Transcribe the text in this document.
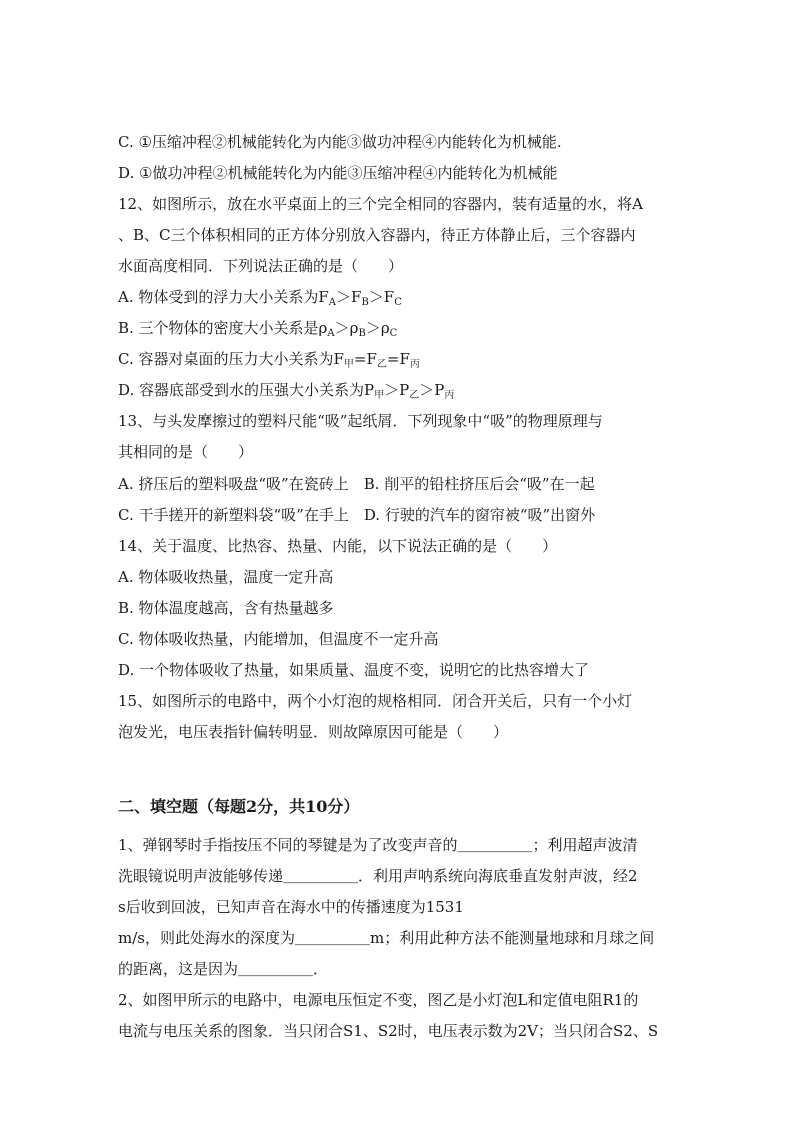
C. ①压缩冲程②机械能转化为内能③做功冲程④内能转化为机械能.
D. ①做功冲程②机械能转化为内能③压缩冲程④内能转化为机械能
12、如图所示，放在水平桌面上的三个完全相同的容器内，装有适量的水，将A
、B、C三个体积相同的正方体分别放入容器内，待正方体静止后，三个容器内
水面高度相同．下列说法正确的是（　　）
A. 物体受到的浮力大小关系为$F_A>F_B>F_C$
B. 三个物体的密度大小关系是$\rho_A>\rho_B>\rho_C$
C. 容器对桌面的压力大小关系为$F_甲=F_乙=F_丙$
D. 容器底部受到水的压强大小关系为$P_甲>P_乙>P_丙$
13、与头发摩擦过的塑料尺能“吸”起纸屑．下列现象中“吸”的物理原理与
其相同的是（　　）
A. 挤压后的塑料吸盘“吸”在瓷砖上　B. 削平的铅柱挤压后会“吸”在一起
C. 干手搓开的新塑料袋“吸”在手上　D. 行驶的汽车的窗帘被“吸”出窗外
14、关于温度、比热容、热量、内能，以下说法正确的是（　　）
A. 物体吸收热量，温度一定升高
B. 物体温度越高，含有热量越多
C. 物体吸收热量，内能增加，但温度不一定升高
D. 一个物体吸收了热量，如果质量、温度不变，说明它的比热容增大了
15、如图所示的电路中，两个小灯泡的规格相同．闭合开关后，只有一个小灯
泡发光，电压表指针偏转明显．则故障原因可能是（　　）
二、填空题（每题2分，共10分）
1、弹钢琴时手指按压不同的琴键是为了改变声音的＿＿＿＿＿；利用超声波清
洗眼镜说明声波能够传递＿＿＿＿＿．利用声呐系统向海底垂直发射声波，经2
s后收到回波，已知声音在海水中的传播速度为1531
m/s，则此处海水的深度为＿＿＿＿＿m；利用此种方法不能测量地球和月球之间
的距离，这是因为＿＿＿＿＿．
2、如图甲所示的电路中，电源电压恒定不变，图乙是小灯泡L和定值电阻R1的
电流与电压关系的图象．当只闭合S1、S2时，电压表示数为2V；当只闭合S2、S
